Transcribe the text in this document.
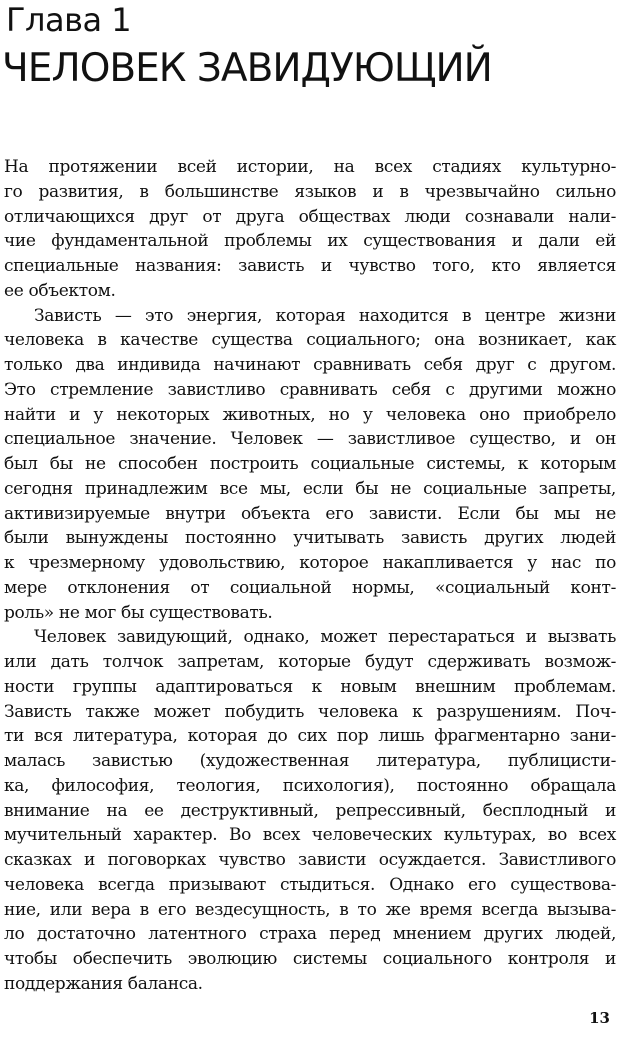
Глава 1
ЧЕЛОВЕК ЗАВИДУЮЩИЙ
На протяжении всей истории, на всех стадиях культурно-
го развития, в большинстве языков и в чрезвычайно сильно
отличающихся друг от друга обществах люди сознавали нали-
чие фундаментальной проблемы их существования и дали ей
специальные названия: зависть и чувство того, кто является
ее объектом.
Зависть — это энергия, которая находится в центре жизни
человека в качестве существа социального; она возникает, как
только два индивида начинают сравнивать себя друг с другом.
Это стремление завистливо сравнивать себя с другими можно
найти и у некоторых животных, но у человека оно приобрело
специальное значение. Человек — завистливое существо, и он
был бы не способен построить социальные системы, к которым
сегодня принадлежим все мы, если бы не социальные запреты,
активизируемые внутри объекта его зависти. Если бы мы не
были вынуждены постоянно учитывать зависть других людей
к чрезмерному удовольствию, которое накапливается у нас по
мере отклонения от социальной нормы, «социальный конт-
роль» не мог бы существовать.
Человек завидующий, однако, может перестараться и вызвать
или дать толчок запретам, которые будут сдерживать возмож-
ности группы адаптироваться к новым внешним проблемам.
Зависть также может побудить человека к разрушениям. Поч-
ти вся литература, которая до сих пор лишь фрагментарно зани-
малась завистью (художественная литература, публицисти-
ка, философия, теология, психология), постоянно обращала
внимание на ее деструктивный, репрессивный, бесплодный и
мучительный характер. Во всех человеческих культурах, во всех
сказках и поговорках чувство зависти осуждается. Завистливого
человека всегда призывают стыдиться. Однако его существова-
ние, или вера в его вездесущность, в то же время всегда вызыва-
ло достаточно латентного страха перед мнением других людей,
чтобы обеспечить эволюцию системы социального контроля и
поддержания баланса.
13
